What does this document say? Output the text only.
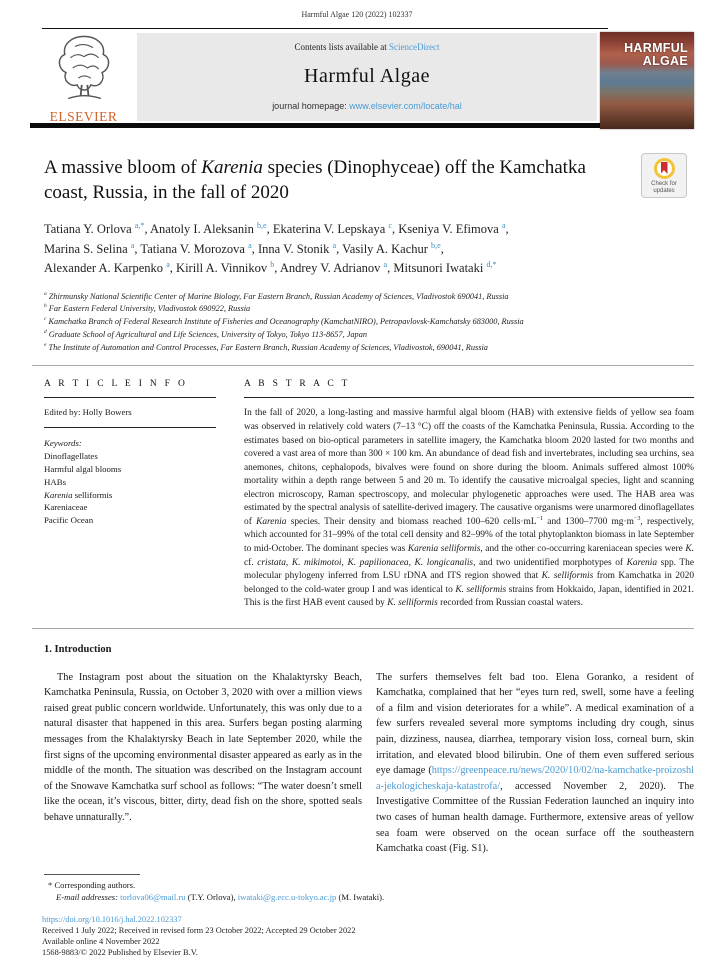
Harmful Algae 120 (2022) 102337
ELSEVIER
Contents lists available at ScienceDirect
Harmful Algae
journal homepage: www.elsevier.com/locate/hal
HARMFUL
ALGAE
A massive bloom of Karenia species (Dinophyceae) off the Kamchatka coast, Russia, in the fall of 2020	Check for updates
Tatiana Y. Orlova $^{a,*}$, Anatoly I. Aleksanin $^{b,e}$, Ekaterina V. Lepskaya $^c$, Kseniya V. Efimova $^a$,
Marina S. Selina $^a$, Tatiana V. Morozova $^a$, Inna V. Stonik $^a$, Vasily A. Kachur $^{b,e}$,
Alexander A. Karpenko $^a$, Kirill A. Vinnikov $^b$, Andrey V. Adrianov $^a$, Mitsunori Iwataki $^{d,*}$
$^a$ Zhirmunsky National Scientific Center of Marine Biology, Far Eastern Branch, Russian Academy of Sciences, Vladivostok 690041, Russia
$^b$ Far Eastern Federal University, Vladivostok 690922, Russia
$^c$ Kamchatka Branch of Federal Research Institute of Fisheries and Oceanography (KamchatNIRO), Petropavlovsk-Kamchatsky 683000, Russia
$^d$ Graduate School of Agricultural and Life Sciences, University of Tokyo, Tokyo 113-8657, Japan
$^e$ The Institute of Automation and Control Processes, Far Eastern Branch, Russian Academy of Sciences, Vladivostok, 690041, Russia
A R T I C L E I N F O
Edited by: Holly Bowers
Keywords:
Dinoflagellates
Harmful algal blooms
HABs
Karenia selliformis
Kareniaceae
Pacific Ocean
A B S T R A C T
In the fall of 2020, a long-lasting and massive harmful algal bloom (HAB) with extensive fields of yellow sea foam was observed in relatively cold waters (7–13 °C) off the coasts of the Kamchatka Peninsula, Russia. According to the estimates based on bio-optical parameters in satellite imagery, the Kamchatka bloom 2020 lasted for two months and covered a vast area of more than 300 × 100 km. An abundance of dead fish and invertebrates, including sea urchins, sea anemones, chitons, cephalopods, bivalves were found on shore during the bloom. Animals suffered almost 100% mortality within a depth range between 5 and 20 m. To identify the causative microalgal species, light and scanning electron microscopy, Raman spectroscopy, and molecular phylogenetic approaches were used. The HAB area was estimated by the spectral analysis of satellite-derived imagery. The causative organisms were unarmored dinoflagellates of Karenia species. Their density and biomass reached 100–620 $cells\cdot mL^{-1}$ and 1300–7700 $mg\cdot m^{-3}$, respectively, which accounted for 31–99% of the total cell density and 82–99% of the total phytoplankton biomass in late September to mid-October. The dominant species was Karenia selliformis, and the other co-occurring kareniacean species were K. cf. cristata, K. mikimotoi, K. papilionacea, K. longicanalis, and two unidentified morphotypes of Karenia spp. The molecular phylogeny inferred from LSU rDNA and ITS region showed that K. selliformis from Kamchatka in 2020 belonged to the cold-water group I and was identical to K. selliformis strains from Hokkaido, Japan, identified in 2021. This is the first HAB event caused by K. selliformis recorded from Russian coastal waters.
1. Introduction
The Instagram post about the situation on the Khalaktyrsky Beach, Kamchatka Peninsula, Russia, on October 3, 2020 with over a million views raised great public concern worldwide. Unfortunately, this was only due to a natural disaster that happened in this area. Surfers began posting alarming messages from the Khalaktyrsky Beach in late September 2020, while the first signs of the upcoming environmental disaster appeared as early as in the middle of the month. The situation was described on the Instagram account of the Snowave Kamchatka surf school as follows: “The water doesn’t smell like the ocean, it’s viscous, bitter, dirty, dead fish on the shore, spotted seals behave unnaturally.”.
The surfers themselves felt bad too. Elena Goranko, a resident of Kamchatka, complained that her “eyes turn red, swell, some have a feeling of a film and vision deteriorates for a while”. A medical examination of a few surfers revealed several more symptoms including dry cough, sinus pain, dizziness, nausea, diarrhea, temporary vision loss, corneal burn, skin irritation, and elevated blood bilirubin. One of them even suffered serious eye damage (https://greenpeace.ru/news/2020/10/02/na-kamchatke-proizoshla-jekologicheskaja-katastrofa/, accessed November 2, 2020). The Investigative Committee of the Russian Federation launched an inquiry into two cases of human health damage. Furthermore, extensive areas of yellow sea foam were observed on the ocean surface off the southeastern Kamchatka coast (Fig. S1).
* Corresponding authors.
E-mail addresses: torlova06@mail.ru (T.Y. Orlova), iwataki@g.ecc.u-tokyo.ac.jp (M. Iwataki).
https://doi.org/10.1016/j.hal.2022.102337
Received 1 July 2022; Received in revised form 23 October 2022; Accepted 29 October 2022
Available online 4 November 2022
1568-9883/© 2022 Published by Elsevier B.V.
